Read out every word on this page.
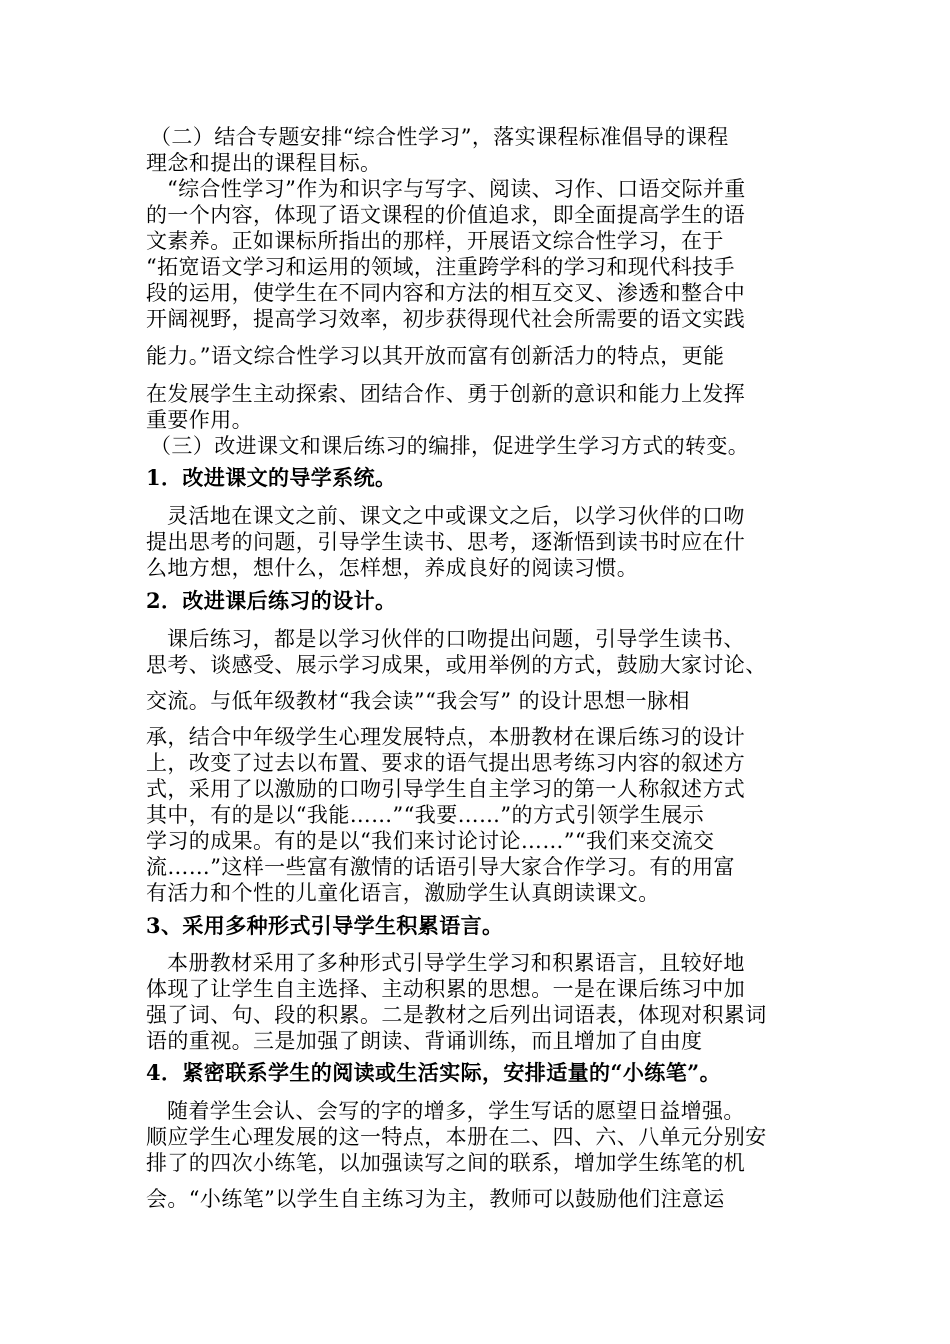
（二）结合专题安排“综合性学习”，落实课程标准倡导的课程
理念和提出的课程目标。
“综合性学习”作为和识字与写字、阅读、习作、口语交际并重
的一个内容，体现了语文课程的价值追求，即全面提高学生的语
文素养。正如课标所指出的那样，开展语文综合性学习，在于
“拓宽语文学习和运用的领域，注重跨学科的学习和现代科技手
段的运用，使学生在不同内容和方法的相互交叉、渗透和整合中
开阔视野，提高学习效率，初步获得现代社会所需要的语文实践
能力。”语文综合性学习以其开放而富有创新活力的特点，更能
在发展学生主动探索、团结合作、勇于创新的意识和能力上发挥
重要作用。
（三）改进课文和课后练习的编排，促进学生学习方式的转变。
1．改进课文的导学系统。
灵活地在课文之前、课文之中或课文之后，以学习伙伴的口吻
提出思考的问题，引导学生读书、思考，逐渐悟到读书时应在什
么地方想，想什么，怎样想，养成良好的阅读习惯。
2．改进课后练习的设计。
课后练习，都是以学习伙伴的口吻提出问题，引导学生读书、
思考、谈感受、展示学习成果，或用举例的方式，鼓励大家讨论、
交流。与低年级教材“我会读”“我会写” 的设计思想一脉相
承，结合中年级学生心理发展特点，本册教材在课后练习的设计
上，改变了过去以布置、要求的语气提出思考练习内容的叙述方
式，采用了以激励的口吻引导学生自主学习的第一人称叙述方式
其中，有的是以“我能……”“我要……”的方式引领学生展示
学习的成果。有的是以“我们来讨论讨论……”“我们来交流交
流……”这样一些富有激情的话语引导大家合作学习。有的用富
有活力和个性的儿童化语言，激励学生认真朗读课文。
3、采用多种形式引导学生积累语言。
本册教材采用了多种形式引导学生学习和积累语言，且较好地
体现了让学生自主选择、主动积累的思想。一是在课后练习中加
强了词、句、段的积累。二是教材之后列出词语表，体现对积累词
语的重视。三是加强了朗读、背诵训练，而且增加了自由度
4．紧密联系学生的阅读或生活实际，安排适量的“小练笔”。
随着学生会认、会写的字的增多，学生写话的愿望日益增强。
顺应学生心理发展的这一特点，本册在二、四、六、八单元分别安
排了的四次小练笔，以加强读写之间的联系，增加学生练笔的机
会。“小练笔”以学生自主练习为主，教师可以鼓励他们注意运
